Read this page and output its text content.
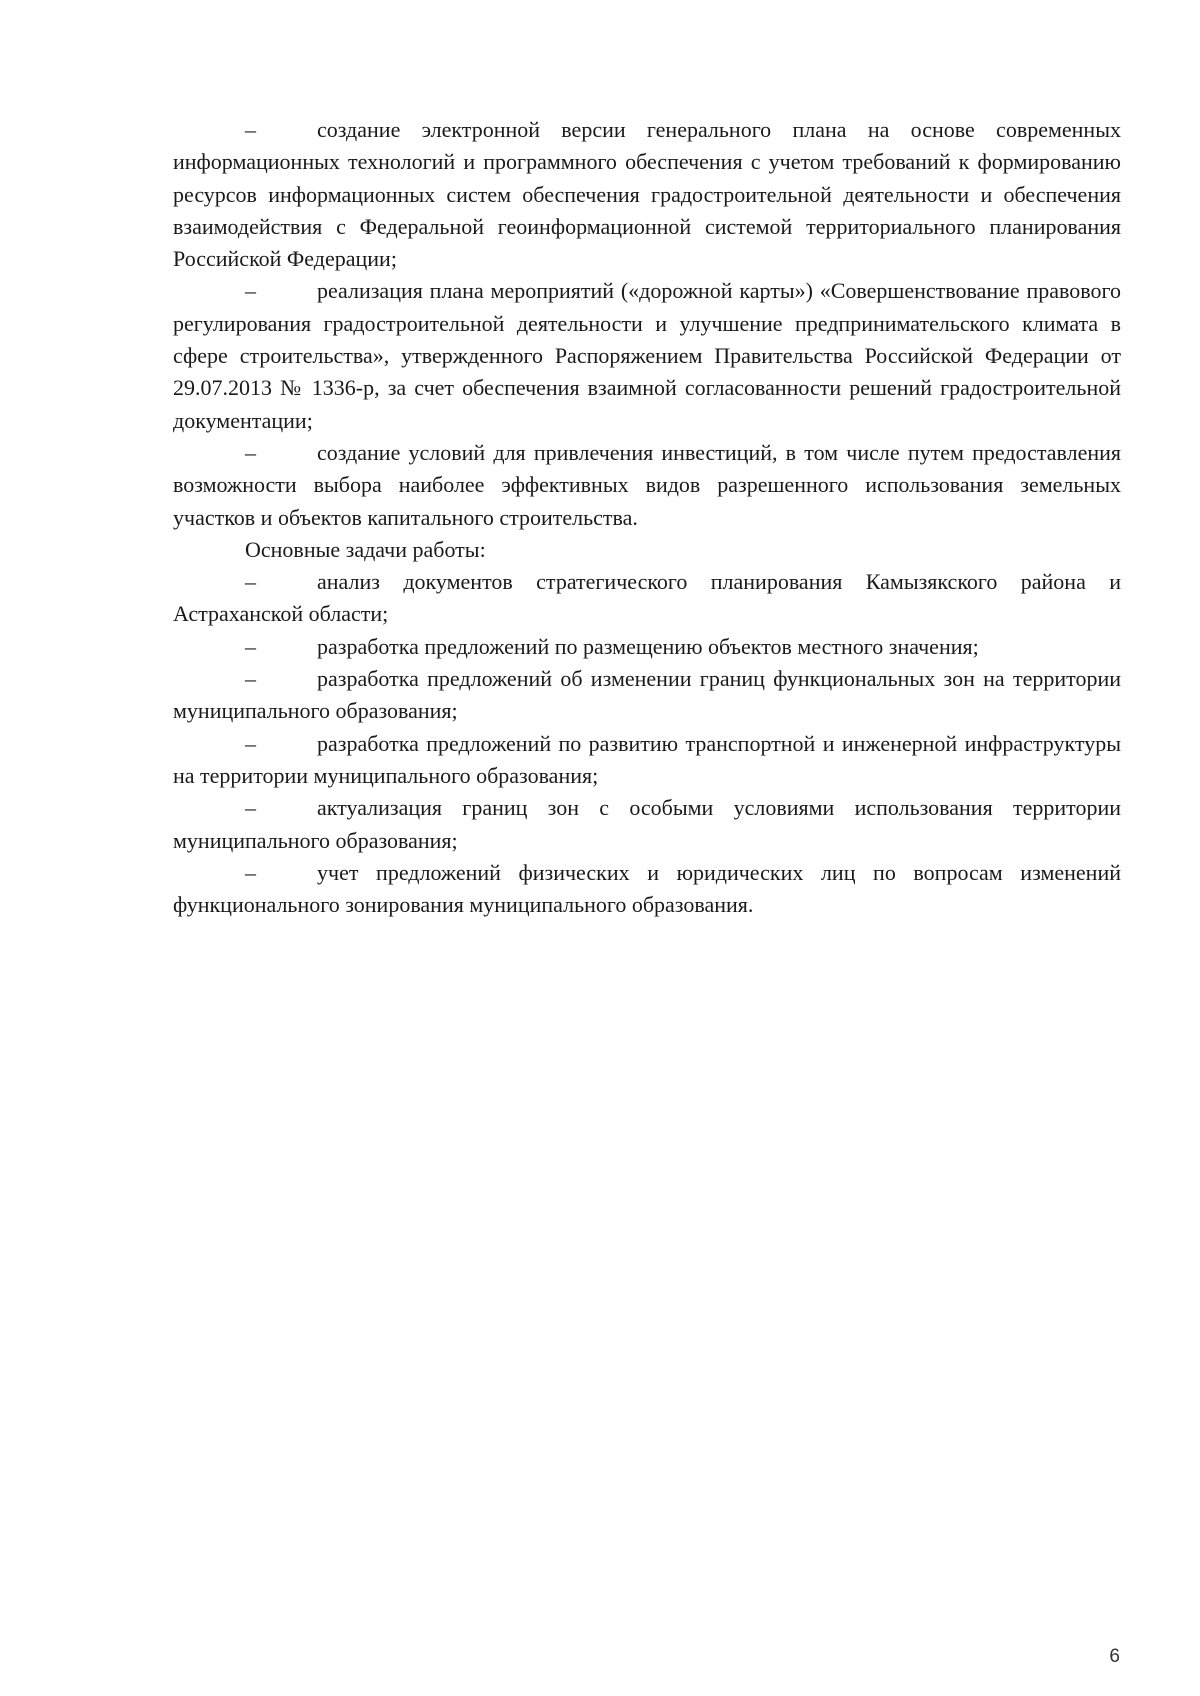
–	создание электронной версии генерального плана на основе современных информационных технологий и программного обеспечения с учетом требований к формированию ресурсов информационных систем обеспечения градостроительной деятельности и обеспечения взаимодействия с Федеральной геоинформационной системой территориального планирования Российской Федерации;

–	реализация плана мероприятий («дорожной карты») «Совершенствование правового регулирования градостроительной деятельности и улучшение предпринимательского климата в сфере строительства», утвержденного Распоряжением Правительства Российской Федерации от 29.07.2013 № 1336-р, за счет обеспечения взаимной согласованности решений градостроительной документации;

–	создание условий для привлечения инвестиций, в том числе путем предоставления возможности выбора наиболее эффективных видов разрешенного использования земельных участков и объектов капитального строительства.

Основные задачи работы:

–	анализ документов стратегического планирования Камызякского района и Астраханской области;

–	разработка предложений по размещению объектов местного значения;

–	разработка предложений об изменении границ функциональных зон на территории муниципального образования;

–	разработка предложений по развитию транспортной и инженерной инфраструктуры на территории муниципального образования;

–	актуализация границ зон с особыми условиями использования территории муниципального образования;

–	учет предложений физических и юридических лиц по вопросам изменений функционального зонирования муниципального образования.

6
